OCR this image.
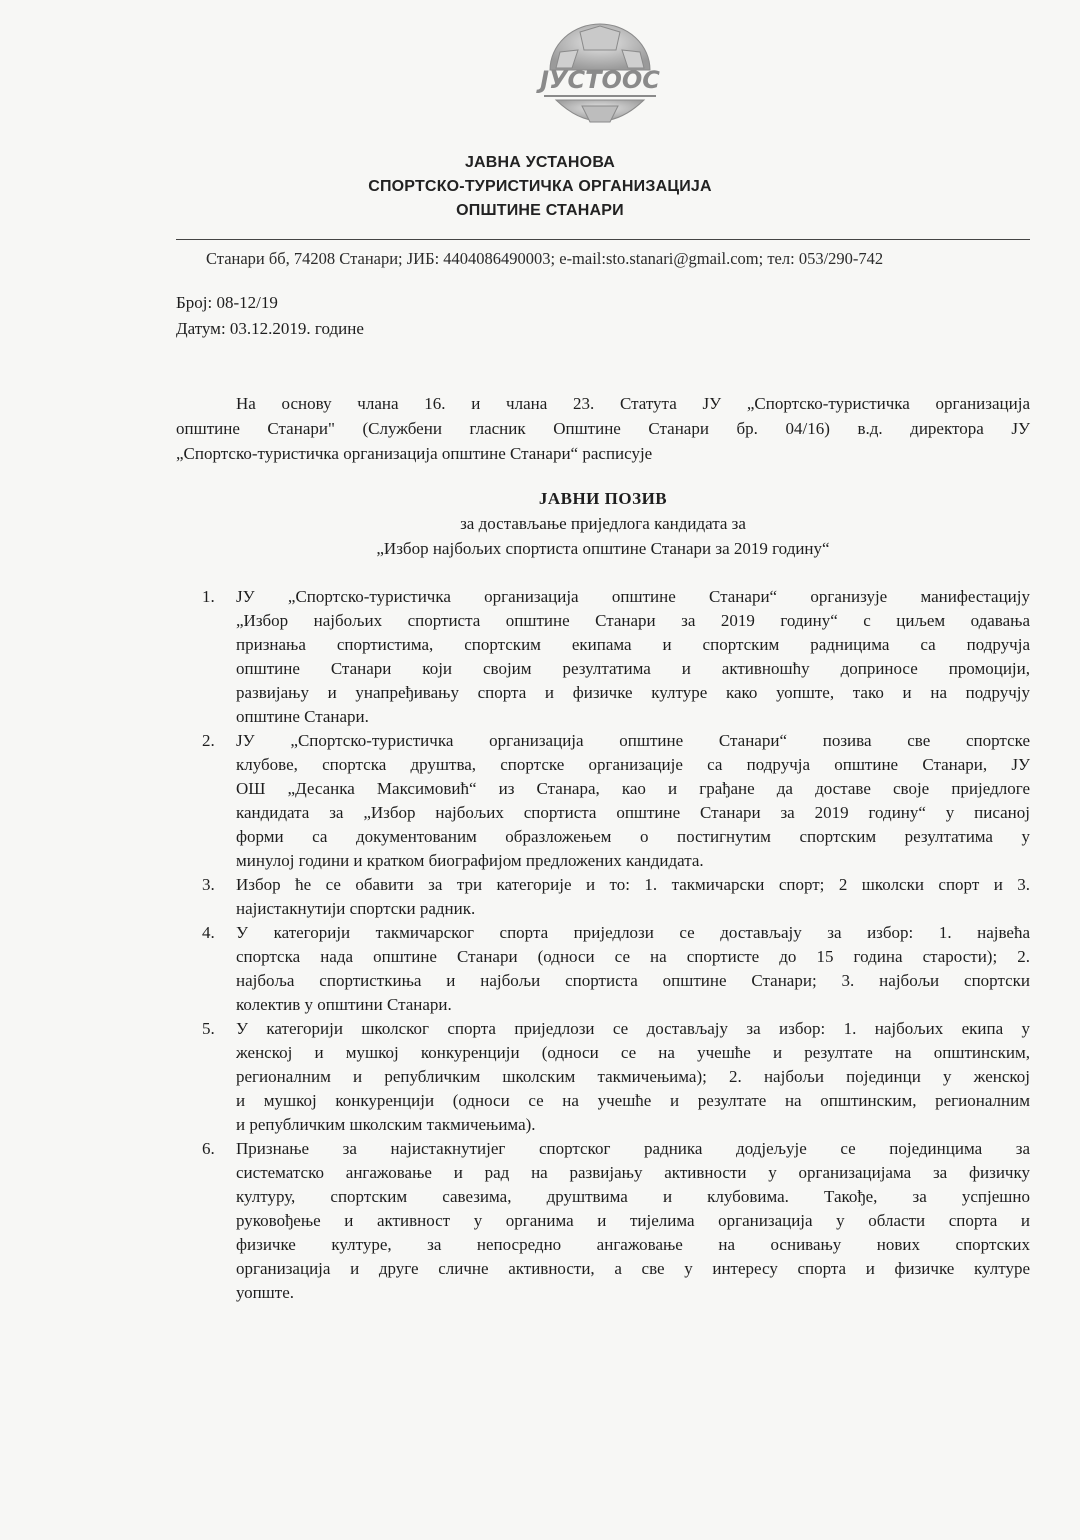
ЈУСТООС
ЈАВНА УСТАНОВА
СПОРТСКО-ТУРИСТИЧКА ОРГАНИЗАЦИЈА
ОПШТИНЕ СТАНАРИ
Станари бб, 74208 Станари; ЈИБ: 4404086490003; e-mail:sto.stanari@gmail.com; тел: 053/290-742
Број: 08-12/19
Датум: 03.12.2019. године
На основу члана 16. и члана 23. Статута ЈУ „Спортско-туристичка организација
општине Станари" (Службени гласник Општине Станари бр. 04/16) в.д. директора ЈУ
„Спортско-туристичка организација општине Станари“ расписује
ЈАВНИ ПОЗИВ
за достављање приједлога кандидата за
„Избор најбољих спортиста општине Станари за 2019 годину“
1. ЈУ „Спортско-туристичка организација општине Станари“ организује манифестацију
„Избор најбољих спортиста општине Станари за 2019 годину“ с циљем одавања
признања спортистима, спортским екипама и спортским радницима са подручја
општине Станари који својим резултатима и активношћу доприносе промоцији,
развијању и унапређивању спорта и физичке културе како уопште, тако и на подручју
општине Станари.
2. ЈУ „Спортско-туристичка организација општине Станари“ позива све спортске
клубове, спортска друштва, спортске организације са подручја општине Станари, ЈУ
ОШ „Десанка Максимовић“ из Станара, као и грађане да доставе своје приједлоге
кандидата за „Избор најбољих спортиста општине Станари за 2019 годину“ у писаној
форми са документованим образложењем о постигнутим спортским резултатима у
минулој години и кратком биографијом предложених кандидата.
3. Избор ће се обавити за три категорије и то: 1. такмичарски спорт; 2 школски спорт и 3.
најистакнутији спортски радник.
4. У категорији такмичарског спорта приједлози се достављају за избор: 1. највећа
спортска нада општине Станари (односи се на спортисте до 15 година старости); 2.
најбоља спортисткиња и најбољи спортиста општине Станари; 3. најбољи спортски
колектив у општини Станари.
5. У категорији школског спорта приједлози се достављају за избор: 1. најбољих екипа у
женској и мушкој конкуренцији (односи се на учешће и резултате на општинским,
регионалним и републичким школским такмичењима); 2. најбољи појединци у женској
и мушкој конкуренцији (односи се на учешће и резултате на општинским, регионалним
и републичким школским такмичењима).
6. Признање за најистакнутијег спортског радника додјељује се појединцима за
систематско ангажовање и рад на развијању активности у организацијама за физичку
културу, спортским савезима, друштвима и клубовима. Такође, за успјешно
руковођење и активност у органима и тијелима организација у области спорта и
физичке културе, за непосредно ангажовање на оснивању нових спортских
организација и друге сличне активности, а све у интересу спорта и физичке културе
уопште.
